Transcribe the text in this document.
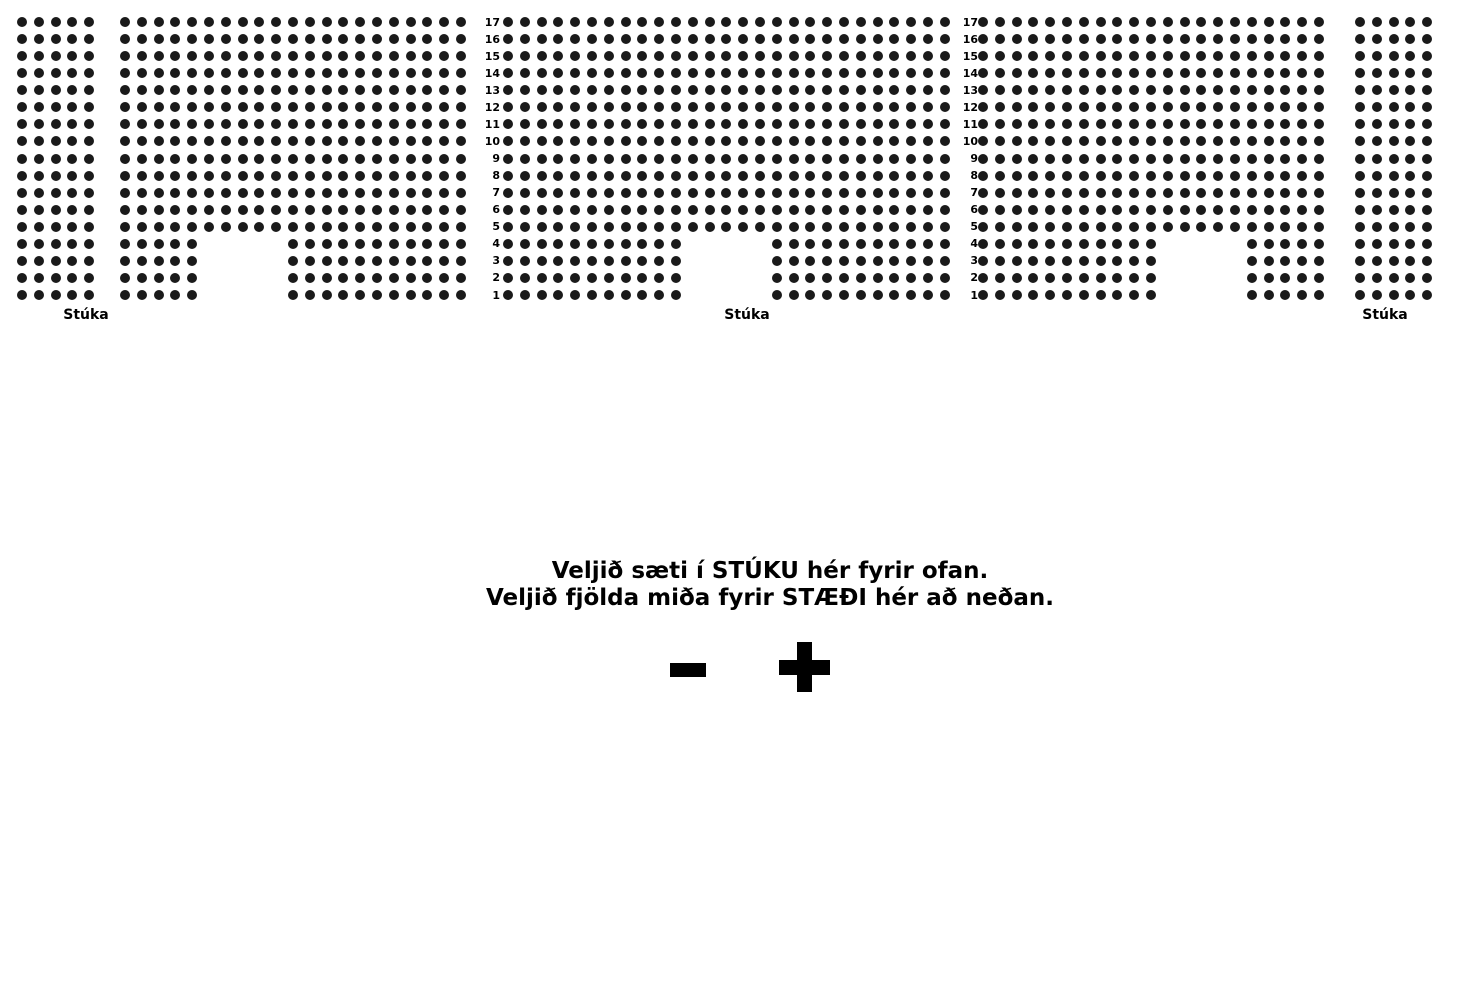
17
16
15
14
13
12
11
10
9
8
7
6
5
4
3
2
1
17
16
15
14
13
12
11
10
9
8
7
6
5
4
3
2
1
Stúka	Stúka	Stúka
Veljið sæti í STÚKU hér fyrir ofan.
Veljið fjölda miða fyrir STÆÐI hér að neðan.
